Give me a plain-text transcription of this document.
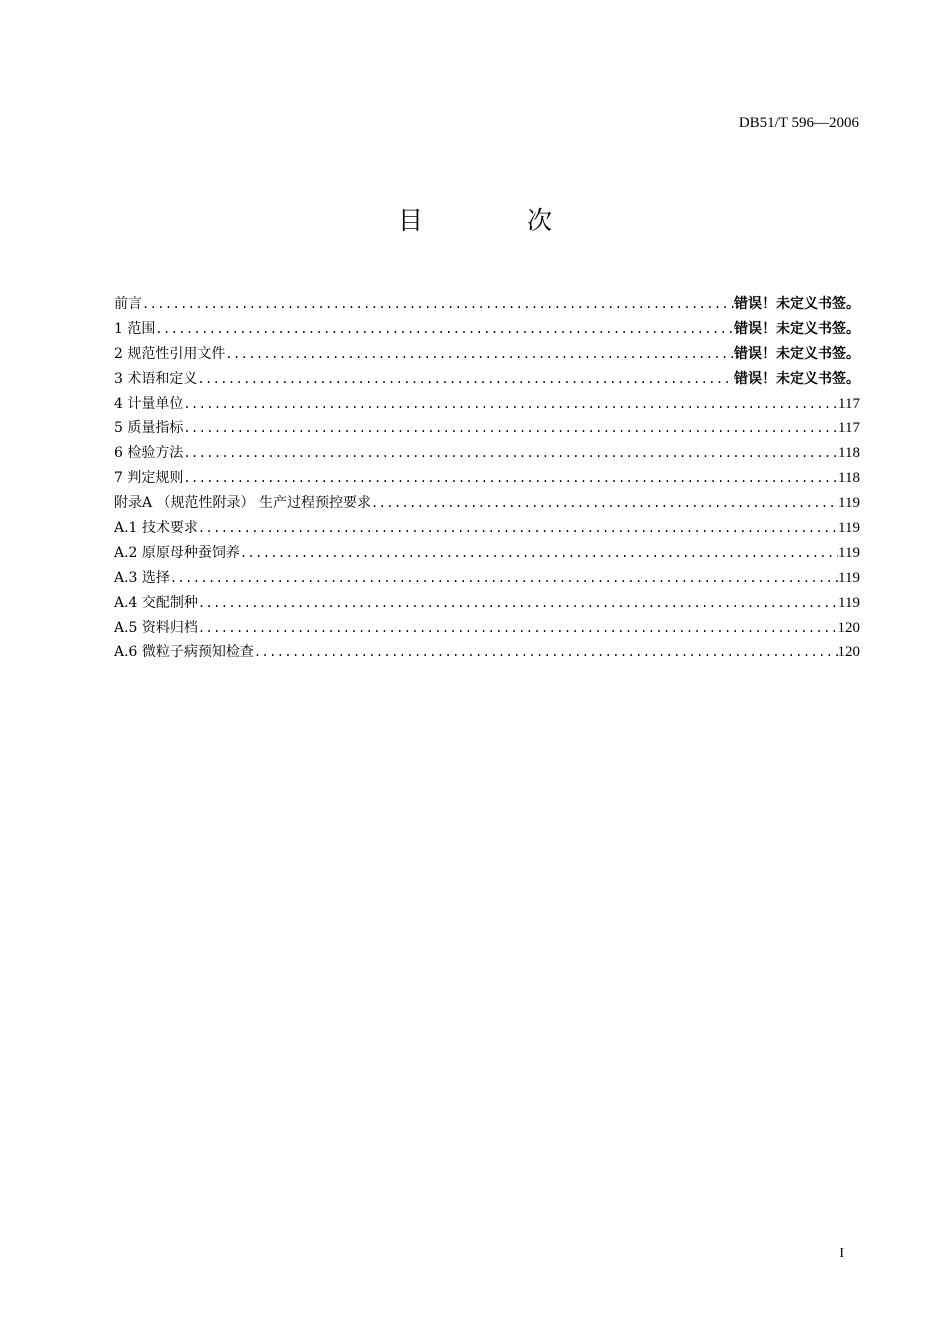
DB51/T 596—2006
目 次
前言 .....	错误！未定义书签。
1 范围 .....	错误！未定义书签。
2 规范性引用文件 .....	错误！未定义书签。
3 术语和定义 .....	错误！未定义书签。
4 计量单位 .....	117
5 质量指标 .....	117
6 检验方法 .....	118
7 判定规则 .....	118
附录A （规范性附录） 生产过程预控要求 .....	119
A.1 技术要求 .....	119
A.2 原原母种蚕饲养 .....	119
A.3 选择 .....	119
A.4 交配制种 .....	119
A.5 资料归档 .....	120
A.6 微粒子病预知检查 .....	120
I
